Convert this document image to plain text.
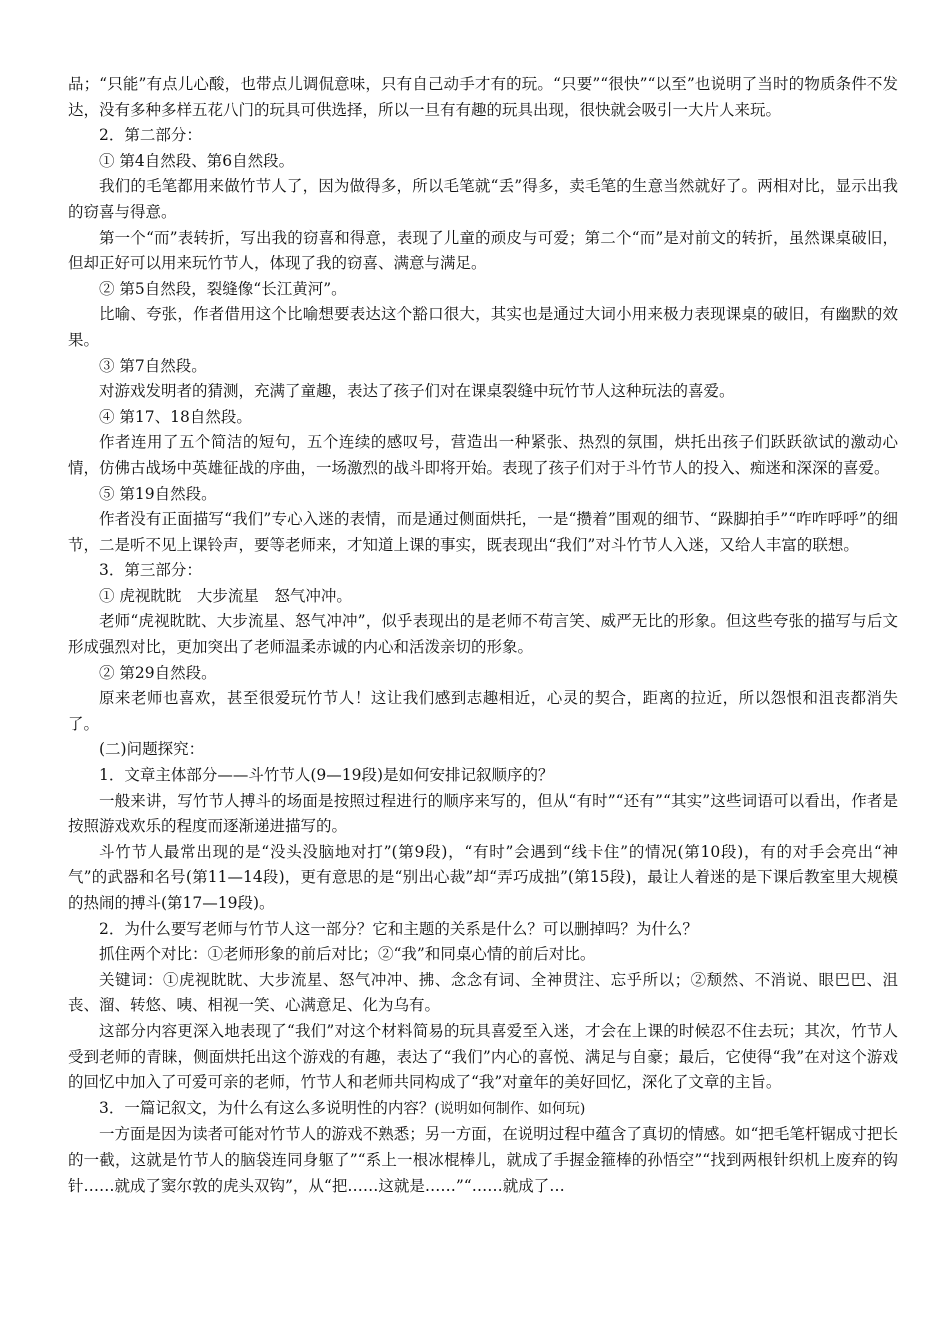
品；“只能”有点儿心酸，也带点儿调侃意味，只有自己动手才有的玩。“只要”“很快”“以至”也说明了当时的物质条件不发达，没有多种多样五花八门的玩具可供选择，所以一旦有有趣的玩具出现，很快就会吸引一大片人来玩。

2．第二部分：

① 第4自然段、第6自然段。

我们的毛笔都用来做竹节人了，因为做得多，所以毛笔就“丢”得多，卖毛笔的生意当然就好了。两相对比，显示出我的窃喜与得意。

第一个“而”表转折，写出我的窃喜和得意，表现了儿童的顽皮与可爱；第二个“而”是对前文的转折，虽然课桌破旧，但却正好可以用来玩竹节人，体现了我的窃喜、满意与满足。

② 第5自然段，裂缝像“长江黄河”。

比喻、夸张，作者借用这个比喻想要表达这个豁口很大，其实也是通过大词小用来极力表现课桌的破旧，有幽默的效果。

③ 第7自然段。

对游戏发明者的猜测，充满了童趣，表达了孩子们对在课桌裂缝中玩竹节人这种玩法的喜爱。

④ 第17、18自然段。

作者连用了五个简洁的短句，五个连续的感叹号，营造出一种紧张、热烈的氛围，烘托出孩子们跃跃欲试的激动心情，仿佛古战场中英雄征战的序曲，一场激烈的战斗即将开始。表现了孩子们对于斗竹节人的投入、痴迷和深深的喜爱。

⑤ 第19自然段。

作者没有正面描写“我们”专心入迷的表情，而是通过侧面烘托，一是“攒着”围观的细节、“跺脚拍手”“咋咋呼呼”的细节，二是听不见上课铃声，要等老师来，才知道上课的事实，既表现出“我们”对斗竹节人入迷，又给人丰富的联想。

3．第三部分：

① 虎视眈眈　大步流星　怒气冲冲。

老师“虎视眈眈、大步流星、怒气冲冲”，似乎表现出的是老师不苟言笑、威严无比的形象。但这些夸张的描写与后文形成强烈对比，更加突出了老师温柔赤诚的内心和活泼亲切的形象。

② 第29自然段。

原来老师也喜欢，甚至很爱玩竹节人！这让我们感到志趣相近，心灵的契合，距离的拉近，所以怨恨和沮丧都消失了。

(二)问题探究：

1．文章主体部分——斗竹节人(9—19段)是如何安排记叙顺序的？

一般来讲，写竹节人搏斗的场面是按照过程进行的顺序来写的，但从“有时”“还有”“其实”这些词语可以看出，作者是按照游戏欢乐的程度而逐渐递进描写的。

斗竹节人最常出现的是“没头没脑地对打”(第9段)，“有时”会遇到“线卡住”的情况(第10段)，有的对手会亮出“神气”的武器和名号(第11—14段)，更有意思的是“别出心裁”却“弄巧成拙”(第15段)，最让人着迷的是下课后教室里大规模的热闹的搏斗(第17—19段)。

2．为什么要写老师与竹节人这一部分？它和主题的关系是什么？可以删掉吗？为什么？

抓住两个对比：①老师形象的前后对比；②“我”和同桌心情的前后对比。

关键词：①虎视眈眈、大步流星、怒气冲冲、拂、念念有词、全神贯注、忘乎所以；②颓然、不消说、眼巴巴、沮丧、溜、转悠、咦、相视一笑、心满意足、化为乌有。

这部分内容更深入地表现了“我们”对这个材料简易的玩具喜爱至入迷，才会在上课的时候忍不住去玩；其次，竹节人受到老师的青睐，侧面烘托出这个游戏的有趣，表达了“我们”内心的喜悦、满足与自豪；最后，它使得“我”在对这个游戏的回忆中加入了可爱可亲的老师，竹节人和老师共同构成了“我”对童年的美好回忆，深化了文章的主旨。

3．一篇记叙文，为什么有这么多说明性的内容？(说明如何制作、如何玩)

一方面是因为读者可能对竹节人的游戏不熟悉；另一方面，在说明过程中蕴含了真切的情感。如“把毛笔杆锯成寸把长的一截，这就是竹节人的脑袋连同身躯了”“系上一根冰棍棒儿，就成了手握金箍棒的孙悟空”“找到两根针织机上废弃的钩针……就成了窦尔敦的虎头双钩”，从“把……这就是……”“……就成了…
